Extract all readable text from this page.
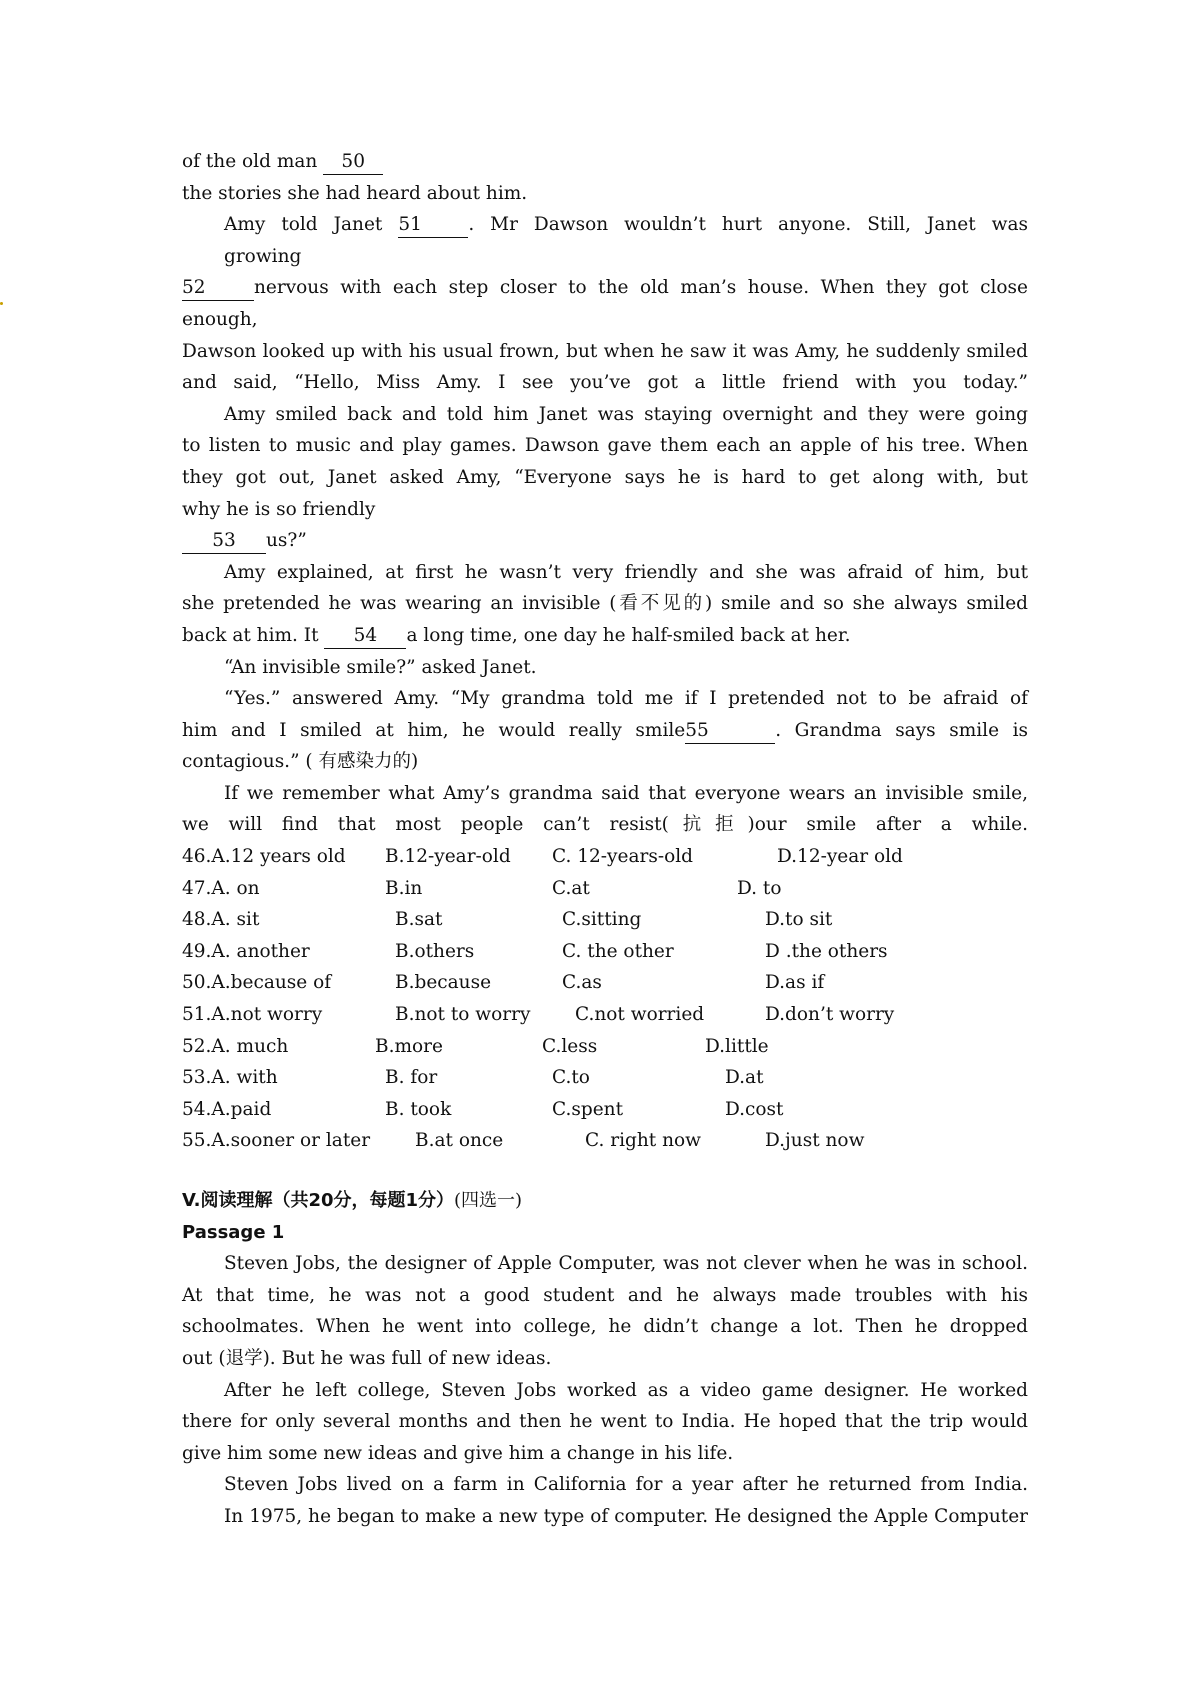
of the old man 50
the stories she had heard about him.
Amy told Janet 51	. Mr Dawson wouldn’t hurt anyone. Still, Janet was
growing
52	nervous with each step closer to the old man’s house. When they got close
enough,
Dawson looked up with his usual frown, but when he saw it was Amy, he suddenly smiled
and said, “Hello, Miss Amy. I see you’ve got a little friend with you today.”
Amy smiled back and told him Janet was staying overnight and they were going
to listen to music and play games. Dawson gave them each an apple of his tree. When
they got out, Janet asked Amy, “Everyone says he is hard to get along with, but
why he is so friendly
53 us?”
Amy explained, at first he wasn’t very friendly and she was afraid of him, but
she pretended he was wearing an invisible (看不见的) smile and so she always smiled
back at him. It 54 a long time, one day he half-smiled back at her.
“An invisible smile?” asked Janet.
“Yes.” answered Amy. “My grandma told me if I pretended not to be afraid of
him and I smiled at him, he would really smile55	. Grandma says smile is
contagious.” ( 有感染力的)
If we remember what Amy’s grandma said that everyone wears an invisible smile,
we will find that most people can’t resist(抗拒)our smile after a while.
46.A.12 years old B.12-year-old C. 12-years-old	D.12-year old
47.A. on	B.in	C.at	D. to
48.A. sit	B.sat	C.sitting	D.to sit
49.A. another	B.others	C. the other	D .the others
50.A.because of	B.because	C.as	D.as if
51.A.not worry	B.not to worry C.not worried	D.don’t worry
52.A. much	B.more	C.less	D.little
53.A. with	B. for	C.to	D.at
54.A.paid	B. took	C.spent	D.cost
55.A.sooner or later B.at once	C. right now	D.just now
V.阅读理解（共20分，每题1分）(四选一)
Passage 1
Steven Jobs, the designer of Apple Computer, was not clever when he was in school.
At that time, he was not a good student and he always made troubles with his
schoolmates. When he went into college, he didn’t change a lot. Then he dropped
out (退学). But he was full of new ideas.
After he left college, Steven Jobs worked as a video game designer. He worked
there for only several months and then he went to India. He hoped that the trip would
give him some new ideas and give him a change in his life.
Steven Jobs lived on a farm in California for a year after he returned from India.
In 1975, he began to make a new type of computer. He designed the Apple Computer
